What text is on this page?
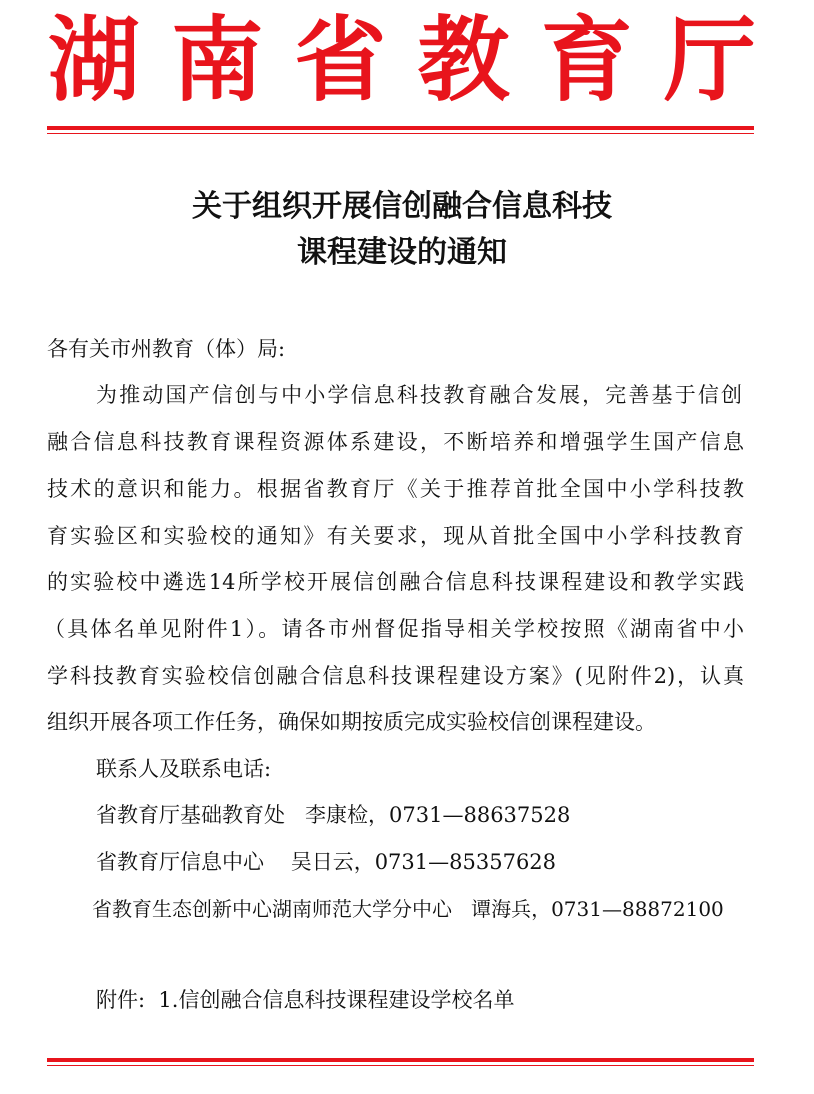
湖 南 省 教 育 厅
关于组织开展信创融合信息科技
课程建设的通知
各有关市州教育（体）局:
为推动国产信创与中小学信息科技教育融合发展，完善基于信创
融合信息科技教育课程资源体系建设，不断培养和增强学生国产信息
技术的意识和能力。根据省教育厅《关于推荐首批全国中小学科技教
育实验区和实验校的通知》有关要求，现从首批全国中小学科技教育
的实验校中遴选14所学校开展信创融合信息科技课程建设和教学实践
（具体名单见附件1）。请各市州督促指导相关学校按照《湖南省中小
学科技教育实验校信创融合信息科技课程建设方案》(见附件2)，认真
组织开展各项工作任务，确保如期按质完成实验校信创课程建设。
联系人及联系电话:
省教育厅基础教育处   李康检，0731—88637528
省教育厅信息中心    吴日云，0731—85357628
省教育生态创新中心湖南师范大学分中心   谭海兵，0731—88872100
附件:  1.信创融合信息科技课程建设学校名单
